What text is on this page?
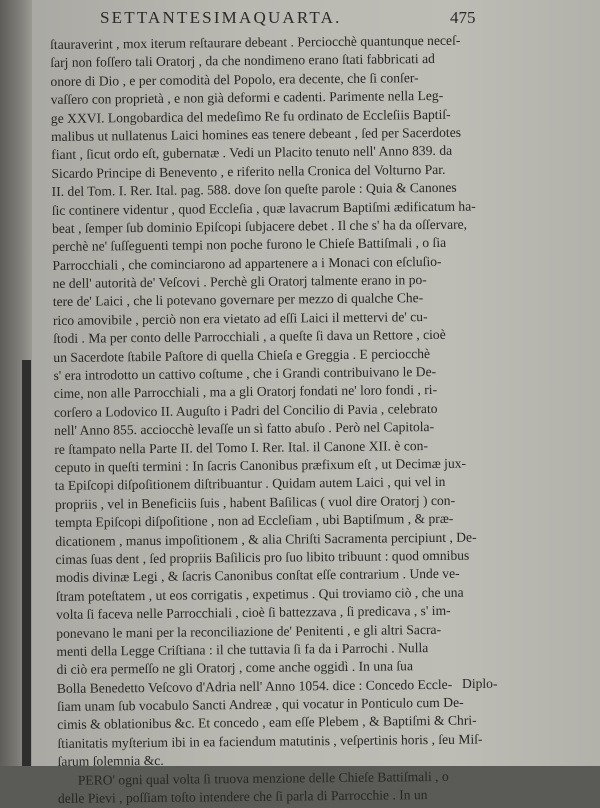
SETTANTESIMAQUARTA.	475
ſtauraverint , mox iterum reſtaurare debeant . Perciocchè quantunque neceſ-
ſarj non foſſero tali Oratorj , da che nondimeno erano ſtati fabbricati ad
onore di Dio , e per comodità del Popolo, era decente, che ſi conſer-
vaſſero con proprietà , e non già deformi e cadenti. Parimente nella Leg-
ge XXVI. Longobardica del medeſimo Re fu ordinato de Eccleſiis Baptiſ-
malibus ut nullatenus Laici homines eas tenere debeant , ſed per Sacerdotes
fiant , ſicut ordo eſt, gubernatæ . Vedi un Placito tenuto nell' Anno 839. da
Sicardo Principe di Benevento , e riferito nella Cronica del Volturno Par.
II. del Tom. I. Rer. Ital. pag. 588. dove ſon queſte parole : Quia & Canones
ſic continere videntur , quod Eccleſia , quæ lavacrum Baptiſmi ædificatum ha-
beat , ſemper ſub dominio Epiſcopi ſubjacere debet . Il che s' ha da oſſervare,
perchè ne' ſuſſeguenti tempi non poche furono le Chieſe Battiſmali , o ſia
Parrocchiali , che cominciarono ad appartenere a i Monaci con eſcluſio-
ne dell' autorità de' Veſcovi . Perchè gli Oratorj talmente erano in po-
tere de' Laici , che li potevano governare per mezzo di qualche Che-
rico amovibile , perciò non era vietato ad eſſi Laici il mettervi de' cu-
ſtodi . Ma per conto delle Parrocchiali , a queſte ſi dava un Rettore , cioè
un Sacerdote ſtabile Paſtore di quella Chieſa e Greggia . E perciocchè
s' era introdotto un cattivo coſtume , che i Grandi contribuivano le De-
cime, non alle Parrocchiali , ma a gli Oratorj fondati ne' loro fondi , ri-
corſero a Lodovico II. Auguſto i Padri del Concilio di Pavia , celebrato
nell' Anno 855. acciocchè levaſſe un sì fatto abuſo . Però nel Capitola-
re ſtampato nella Parte II. del Tomo I. Rer. Ital. il Canone XII. è con-
ceputo in queſti termini : In ſacris Canonibus præfixum eſt , ut Decimæ jux-
ta Epiſcopi diſpoſitionem diſtribuantur . Quidam autem Laici , qui vel in
propriis , vel in Beneficiis ſuis , habent Baſilicas ( vuol dire Oratorj ) con-
tempta Epiſcopi diſpoſitione , non ad Eccleſiam , ubi Baptiſmum , & præ-
dicationem , manus impoſitionem , & alia Chriſti Sacramenta percipiunt , De-
cimas ſuas dent , ſed propriis Baſilicis pro ſuo libito tribuunt : quod omnibus
modis divinæ Legi , & ſacris Canonibus conſtat eſſe contrarium . Unde ve-
ſtram poteſtatem , ut eos corrigatis , expetimus . Qui troviamo ciò , che una
volta ſi faceva nelle Parrocchiali , cioè ſi battezzava , ſi predicava , s' im-
ponevano le mani per la reconciliazione de' Penitenti , e gli altri Sacra-
menti della Legge Criſtiana : il che tuttavia ſi fa da i Parrochi . Nulla
di ciò era permeſſo ne gli Oratorj , come anche oggidì . In una ſua
Bolla Benedetto Veſcovo d'Adria nell' Anno 1054. dice : Concedo Eccle-
ſiam unam ſub vocabulo Sancti Andreæ , qui vocatur in Ponticulo cum De-
cimis & oblationibus &c. Et concedo , eam eſſe Plebem , & Baptiſmi & Chri-
ſtianitatis myſterium ibi in ea faciendum matutinis , veſpertinis horis , ſeu Miſ-
ſarum ſolemnia &c.
PERO' ogni qual volta ſi truova menzione delle Chieſe Battiſmali , o
delle Pievi , poſſiam toſto intendere che ſi parla di Parrocchie . In un
Diplo-
